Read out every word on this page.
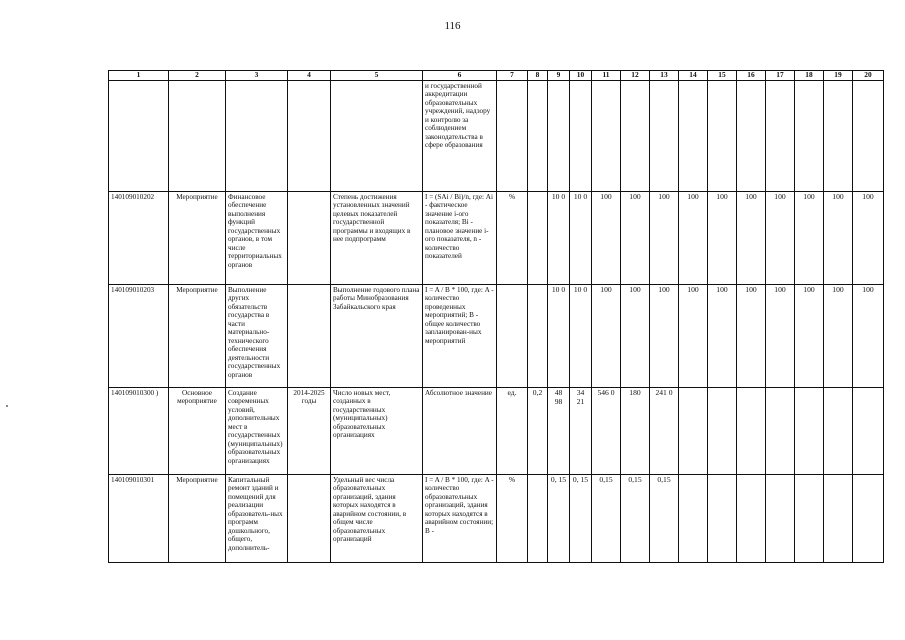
116
1	2	3	4	5	6	7	8	9	10	11	12	13	14	15	16	17	18	19	20
					и государственной аккредитации образовательных учреждений, надзору и контролю за соблюдением законодательства в сфере образования														
140109010202	Мероприятие	Финансовое обеспечение выполнения функций государственных органов, в том числе территориальных органов		Степень достижения установленных значений целевых показателей государственной программы и входящих в нее подпрограмм	I = (SAi / Bi)/n, где: Ai - фактическое значение i-ого показателя; Bi - плановое значение i-ого показателя, n - количество показателей	%		10 0	10 0	100	100	100	100	100	100	100	100	100	100
140109010203	Мероприятие	Выполнение других обязательств государства в части материально-технического обеспечения деятельности государственных органов		Выполнение годового плана работы Минобразования Забайкальского края	I = A / B * 100, где: A - количество проведенных мероприятий; B - общее количество запланирован-ных мероприятий			10 0	10 0	100	100	100	100	100	100	100	100	100	100
140109010300 )	Основное мероприятие	Создание современных условий, дополнительных мест в государственных (муниципальных) образовательных организациях	2014-2025 годы	Число новых мест, созданных в государственных (муниципальных) образовательных организациях	Абсолютное значение	ед.	0,2	48 98	34 21	546 0	180	241 0							
140109010301	Мероприятие	Капитальный ремонт зданий и помещений для реализации образователь-ных программ дошкольного, общего, дополнитель-		Удельный вес числа образовательных организаций, здания которых находятся в аварийном состоянии, в общем числе образовательных организаций	I = A / B * 100, где: A - количество образовательных организаций, здания которых находятся в аварийном состоянии; B -	%		0, 15	0, 15	0,15	0,15	0,15							
